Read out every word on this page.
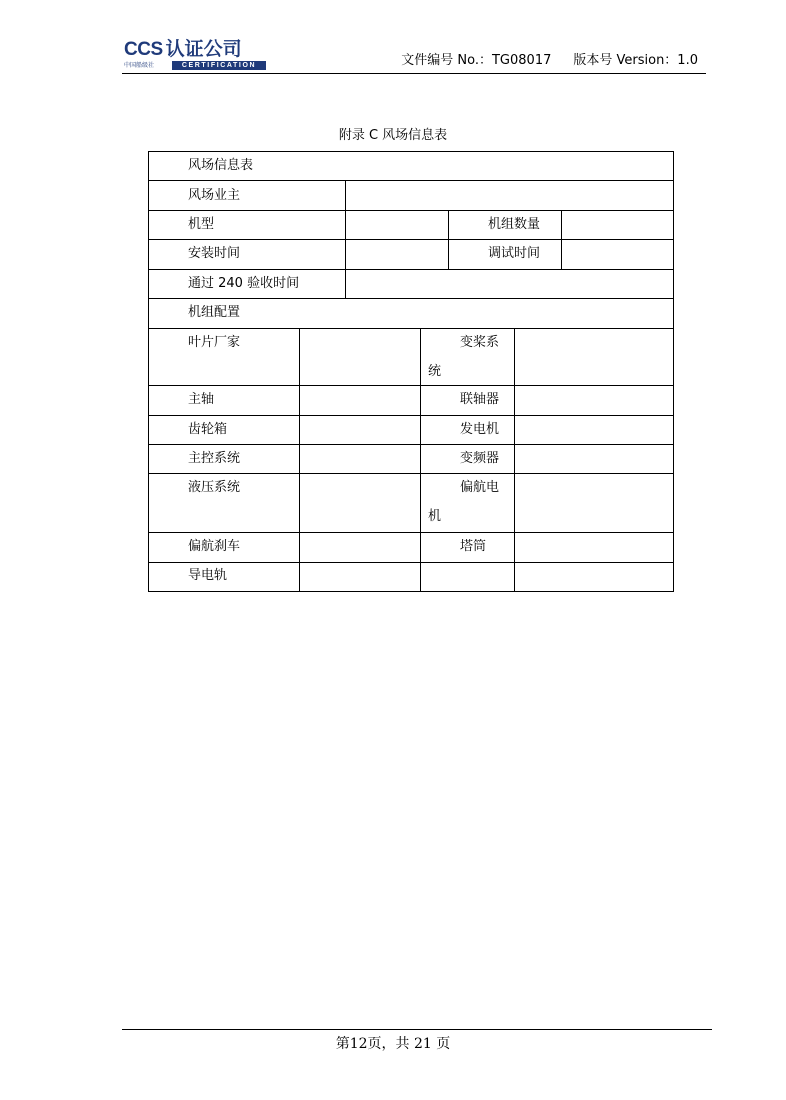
CCS 认证公司
中国船级社	CERTIFICATION	文件编号 No.：TG08017 版本号 Version：1.0
附录 C 风场信息表
风场信息表
风场业主
机型	机组数量
安装时间	调试时间
通过 240 验收时间
机组配置
叶片厂家	变桨系
统
主轴	联轴器
齿轮箱	发电机
主控系统	变频器
液压系统	偏航电
机
偏航刹车	塔筒
导电轨
第12页，共 21 页
